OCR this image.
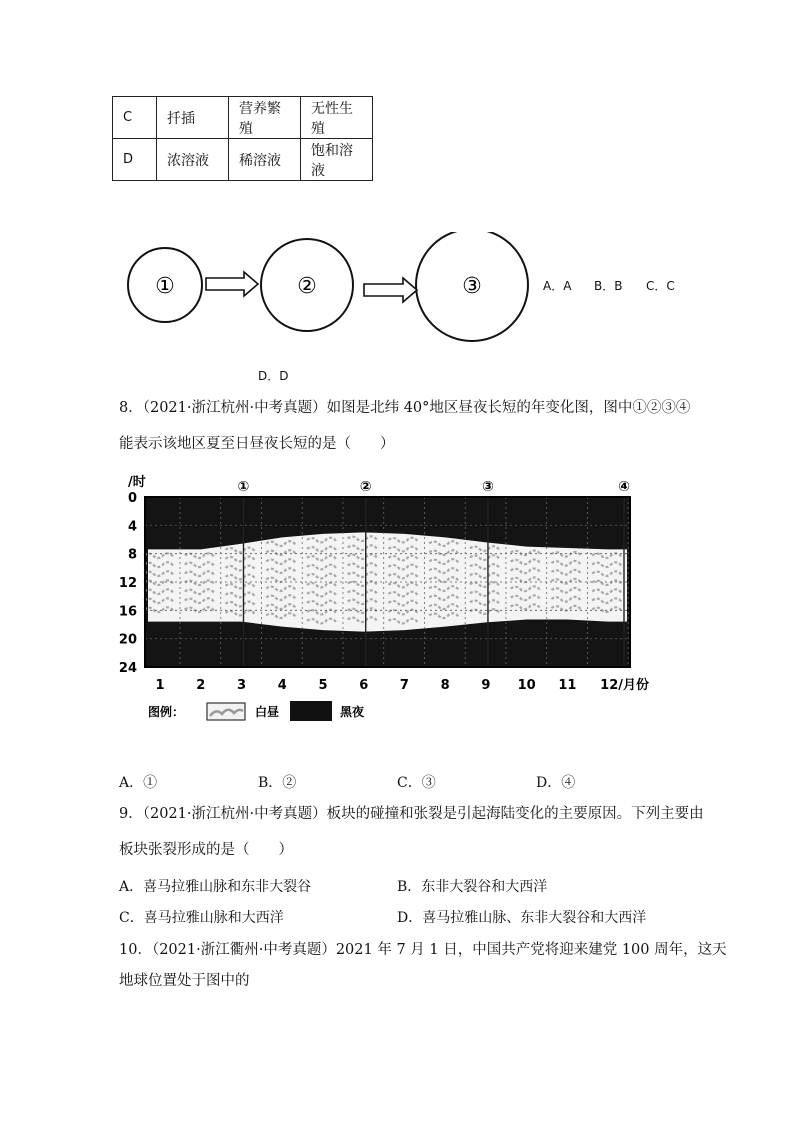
C	扦插	营养繁殖	无性生殖
D	浓溶液	稀溶液	饱和溶液
①	②	③	A．A B．B C．C
D．D
8．（2021·浙江杭州·中考真题）如图是北纬 40°地区昼夜长短的年变化图，图中①②③④
能表示该地区夏至日昼夜长短的是（　　）
①	②	③	④
0
4
8
12
16
20
24
1 2 3 4 5 6 7 8 9 10 11 12/月份
/时
图例：	白昼	黑夜
A．①	B．②	C．③	D．④
9．（2021·浙江杭州·中考真题）板块的碰撞和张裂是引起海陆变化的主要原因。下列主要由
板块张裂形成的是（　　）
A．喜马拉雅山脉和东非大裂谷	B．东非大裂谷和大西洋
C．喜马拉雅山脉和大西洋	D．喜马拉雅山脉、东非大裂谷和大西洋
10．（2021·浙江衢州·中考真题）2021 年 7 月 1 日，中国共产党将迎来建党 100 周年，这天
地球位置处于图中的
